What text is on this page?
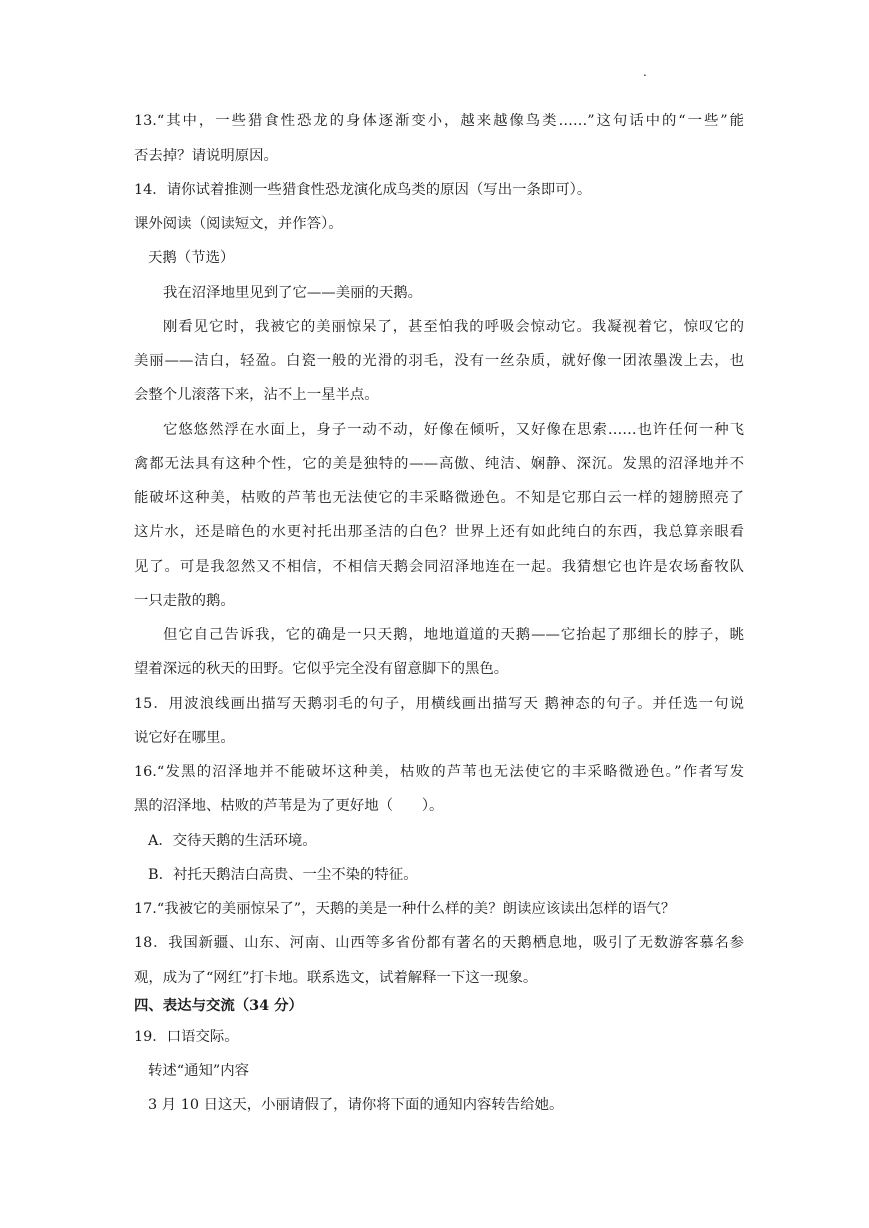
.
13.“其中，一些猎食性恐龙的身体逐渐变小，越来越像鸟类……”这句话中的“一些”能
否去掉？请说明原因。
14．请你试着推测一些猎食性恐龙演化成鸟类的原因（写出一条即可）。
课外阅读（阅读短文，并作答）。
天鹅（节选）
我在沼泽地里见到了它——美丽的天鹅。
刚看见它时，我被它的美丽惊呆了，甚至怕我的呼吸会惊动它。我凝视着它，惊叹它的
美丽——洁白，轻盈。白瓷一般的光滑的羽毛，没有一丝杂质，就好像一团浓墨泼上去，也
会整个儿滚落下来，沾不上一星半点。
它悠悠然浮在水面上，身子一动不动，好像在倾听，又好像在思索……也许任何一种飞
禽都无法具有这种个性，它的美是独特的——高傲、纯洁、娴静、深沉。发黑的沼泽地并不
能破坏这种美，枯败的芦苇也无法使它的丰采略微逊色。不知是它那白云一样的翅膀照亮了
这片水，还是暗色的水更衬托出那圣洁的白色？世界上还有如此纯白的东西，我总算亲眼看
见了。可是我忽然又不相信，不相信天鹅会同沼泽地连在一起。我猜想它也许是农场畜牧队
一只走散的鹅。
但它自己告诉我，它的确是一只天鹅，地地道道的天鹅——它抬起了那细长的脖子，眺
望着深远的秋天的田野。它似乎完全没有留意脚下的黑色。
15．用波浪线画出描写天鹅羽毛的句子，用横线画出描写天 鹅神态的句子。并任选一句说
说它好在哪里。
16.“发黑的沼泽地并不能破坏这种美，枯败的芦苇也无法使它的丰采略微逊色。”作者写发
黑的沼泽地、枯败的芦苇是为了更好地（　　）。
A．交待天鹅的生活环境。
B．衬托天鹅洁白高贵、一尘不染的特征。
17.“我被它的美丽惊呆了”，天鹅的美是一种什么样的美？朗读应该读出怎样的语气？
18．我国新疆、山东、河南、山西等多省份都有著名的天鹅栖息地，吸引了无数游客慕名参
观，成为了“网红”打卡地。联系选文，试着解释一下这一现象。
四、表达与交流（34 分）
19．口语交际。
转述“通知”内容
3 月 10 日这天，小丽请假了，请你将下面的通知内容转告给她。
